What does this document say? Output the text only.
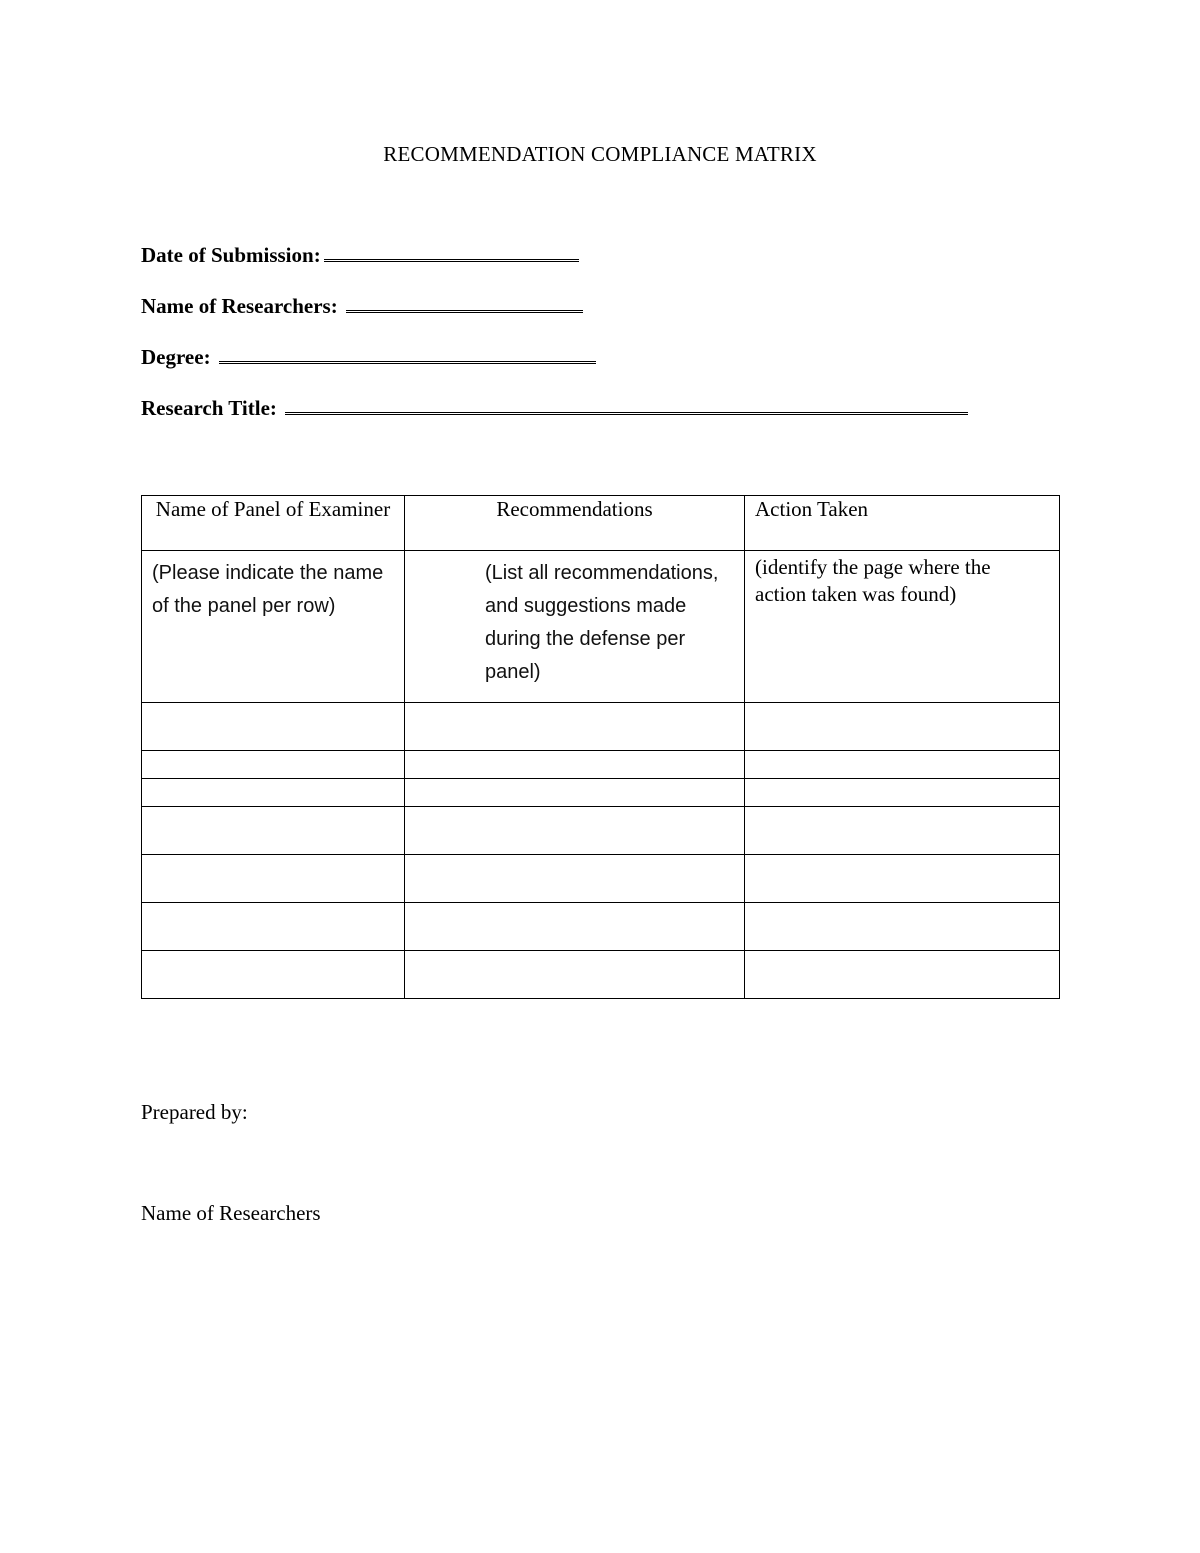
RECOMMENDATION COMPLIANCE MATRIX
Date of Submission:
Name of Researchers:
Degree:
Research Title:
Name of Panel of Examiner	Recommendations	Action Taken

(Please indicate the name of the panel per row)	(List all recommendations, and suggestions made during the defense per panel)	(identify the page where the action taken was found)

Prepared by:
Name of Researchers
